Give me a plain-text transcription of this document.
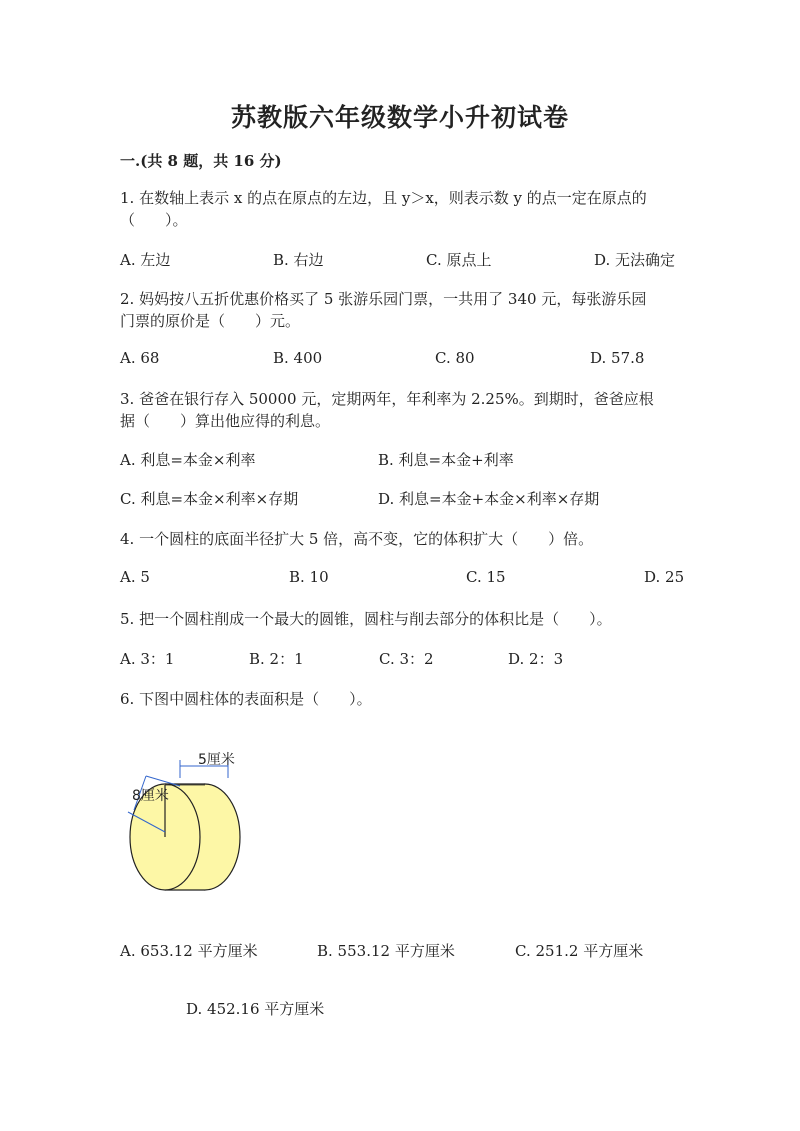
苏教版六年级数学小升初试卷
一.(共 8 题，共 16 分)
1. 在数轴上表示 x 的点在原点的左边，且 y＞x，则表示数 y 的点一定在原点的
（　　）。
A. 左边	B. 右边	C. 原点上	D. 无法确定
2. 妈妈按八五折优惠价格买了 5 张游乐园门票，一共用了 340 元，每张游乐园
门票的原价是（　　）元。
A. 68	B. 400	C. 80	D. 57.8
3. 爸爸在银行存入 50000 元，定期两年，年利率为 2.25%。到期时，爸爸应根
据（　　）算出他应得的利息。
A. 利息=本金×利率	B. 利息=本金+利率
C. 利息=本金×利率×存期	D. 利息=本金+本金×利率×存期
4. 一个圆柱的底面半径扩大 5 倍，高不变，它的体积扩大（　　）倍。
A. 5	B. 10	C. 15	D. 25
5. 把一个圆柱削成一个最大的圆锥，圆柱与削去部分的体积比是（　　）。
A. 3：1	B. 2：1	C. 3：2	D. 2：3
6. 下图中圆柱体的表面积是（　　）。
5厘米
8厘米
A. 653.12 平方厘米	B. 553.12 平方厘米	C. 251.2 平方厘米
D. 452.16 平方厘米
